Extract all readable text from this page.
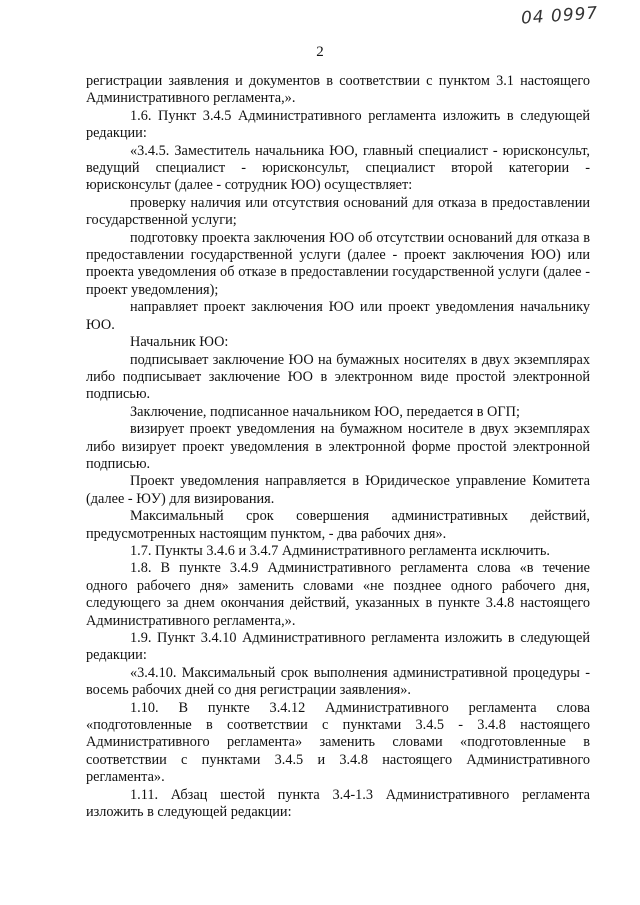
04 0997
2

регистрации заявления и документов в соответствии с пунктом 3.1 настоящего Административного регламента,».

1.6. Пункт 3.4.5 Административного регламента изложить в следующей редакции:

«3.4.5. Заместитель начальника ЮО, главный специалист - юрисконсульт, ведущий специалист - юрисконсульт, специалист второй категории - юрисконсульт (далее - сотрудник ЮО) осуществляет:

проверку наличия или отсутствия оснований для отказа в предоставлении государственной услуги;

подготовку проекта заключения ЮО об отсутствии оснований для отказа в предоставлении государственной услуги (далее - проект заключения ЮО) или проекта уведомления об отказе в предоставлении государственной услуги (далее - проект уведомления);

направляет проект заключения ЮО или проект уведомления начальнику ЮО.

Начальник ЮО:

подписывает заключение ЮО на бумажных носителях в двух экземплярах либо подписывает заключение ЮО в электронном виде простой электронной подписью.

Заключение, подписанное начальником ЮО, передается в ОГП;

визирует проект уведомления на бумажном носителе в двух экземплярах либо визирует проект уведомления в электронной форме простой электронной подписью.

Проект уведомления направляется в Юридическое управление Комитета (далее - ЮУ) для визирования.

Максимальный срок совершения административных действий, предусмотренных настоящим пунктом, - два рабочих дня».

1.7. Пункты 3.4.6 и 3.4.7 Административного регламента исключить.

1.8. В пункте 3.4.9 Административного регламента слова «в течение одного рабочего дня» заменить словами «не позднее одного рабочего дня, следующего за днем окончания действий, указанных в пункте 3.4.8 настоящего Административного регламента,».

1.9. Пункт 3.4.10 Административного регламента изложить в следующей редакции:

«3.4.10. Максимальный срок выполнения административной процедуры - восемь рабочих дней со дня регистрации заявления».

1.10. В пункте 3.4.12 Административного регламента слова «подготовленные в соответствии с пунктами 3.4.5 - 3.4.8 настоящего Административного регламента» заменить словами «подготовленные в соответствии с пунктами 3.4.5 и 3.4.8 настоящего Административного регламента».

1.11. Абзац шестой пункта 3.4-1.3 Административного регламента изложить в следующей редакции:
